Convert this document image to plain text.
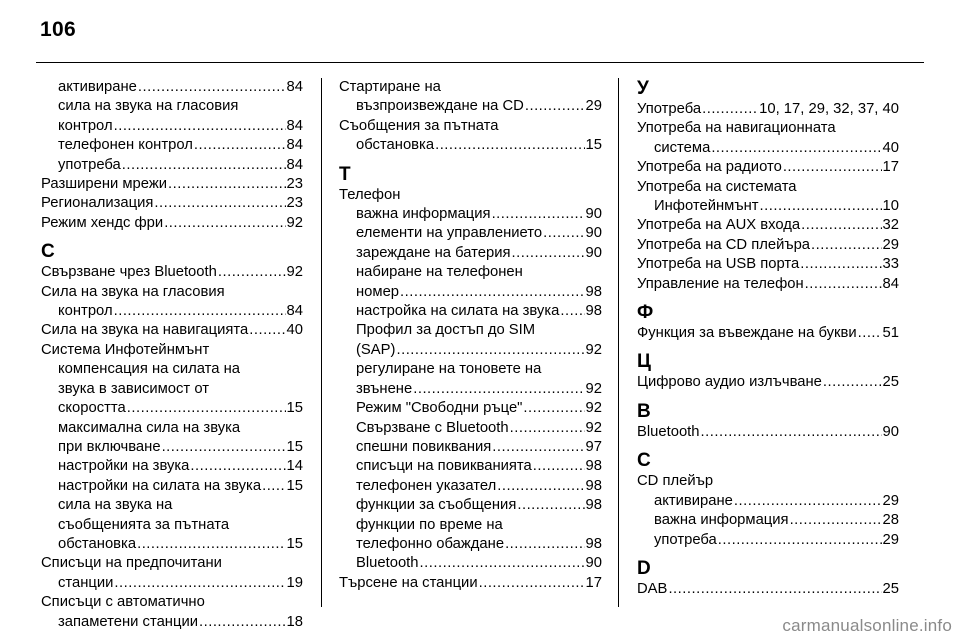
106
активиране .....	84
сила на звука на гласовия
контрол .....	84
телефонен контрол .....	84
употреба .....	84
Разширени мрежи .....	23
Регионализация .....	23
Режим хендс фри .....	92
С
Свързване чрез Bluetooth .....	92
Сила на звука на гласовия
контрол .....	84
Сила на звука на навигацията .....	40
Система Инфотейнмънт
компенсация на силата на
звука в зависимост от
скоростта .....	15
максимална сила на звука
при включване .....	15
настройки на звука .....	14
настройки на силата на звука ..... 15
сила на звука на
съобщенията за пътната
обстановка .....	15
Списъци на предпочитани
станции .....	19
Списъци с автоматично
запаметени станции .....	18
Стартиране на
възпроизвеждане на CD .....	29
Съобщения за пътната
обстановка .....	15
Т
Телефон
важна информация .....	90
елементи на управлението .....	90
зареждане на батерия .....	90
набиране на телефонен
номер .....	98
настройка на силата на звука ..... 98
Профил за достъп до SIM
(SAP) .....	92
регулиране на тоновете на
звънене .....	92
Режим "Свободни ръце" .....	92
Свързване с Bluetooth .....	92
спешни повиквания .....	97
списъци на повикванията .....	98
телефонен указател .....	98
функции за съобщения .....	98
функции по време на
телефонно обаждане .....	98
Bluetooth .....	90
Търсене на станции .....	17
У
Употреба .....	10, 17, 29, 32, 37, 40
Употреба на навигационната
система .....	40
Употреба на радиото .....	17
Употреба на системата
Инфотейнмънт .....	10
Употреба на AUX входа .....	32
Употреба на CD плейъра .....	29
Употреба на USB порта .....	33
Управление на телефон .....	84
Ф
Функция за въвеждане на букви ..... 51
Ц
Цифрово аудио излъчване .....	25
B
Bluetooth .....	90
C
CD плейър
активиране .....	29
важна информация .....	28
употреба .....	29
D
DAB .....	25
carmanualsonline.info
